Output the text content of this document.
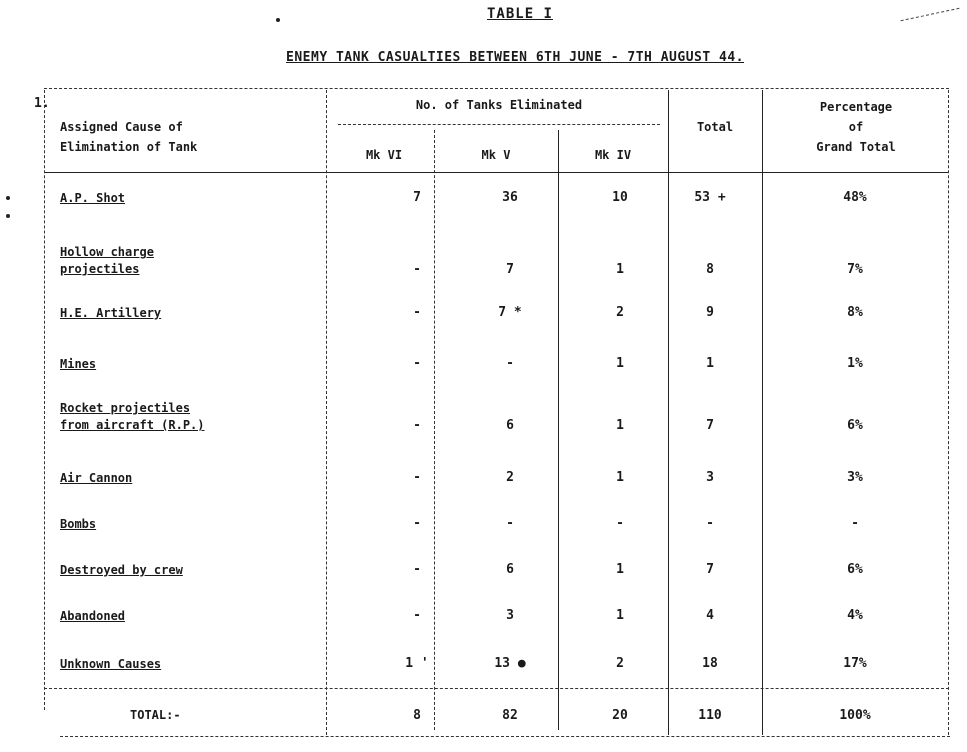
TABLE I
ENEMY TANK CASUALTIES BETWEEN 6TH JUNE - 7TH AUGUST 44.
1.
Assigned Cause of
Elimination of Tank
No. of Tanks Eliminated
Mk VI	Mk V	Mk IV
Total
Percentage
of
Grand Total
A.P. Shot	7	36	10	53 +	48%
Hollow charge
projectiles	-	7	1	8	7%
H.E. Artillery	-	7 *	2	9	8%
Mines	-	-	1	1	1%
Rocket projectiles
from aircraft (R.P.)	-	6	1	7	6%
Air Cannon	-	2	1	3	3%
Bombs	-	-	-	-	-
Destroyed by crew	-	6	1	7	6%
Abandoned	-	3	1	4	4%
Unknown Causes	1 '	13 ●	2	18	17%
TOTAL:-	8	82	20	110	100%
